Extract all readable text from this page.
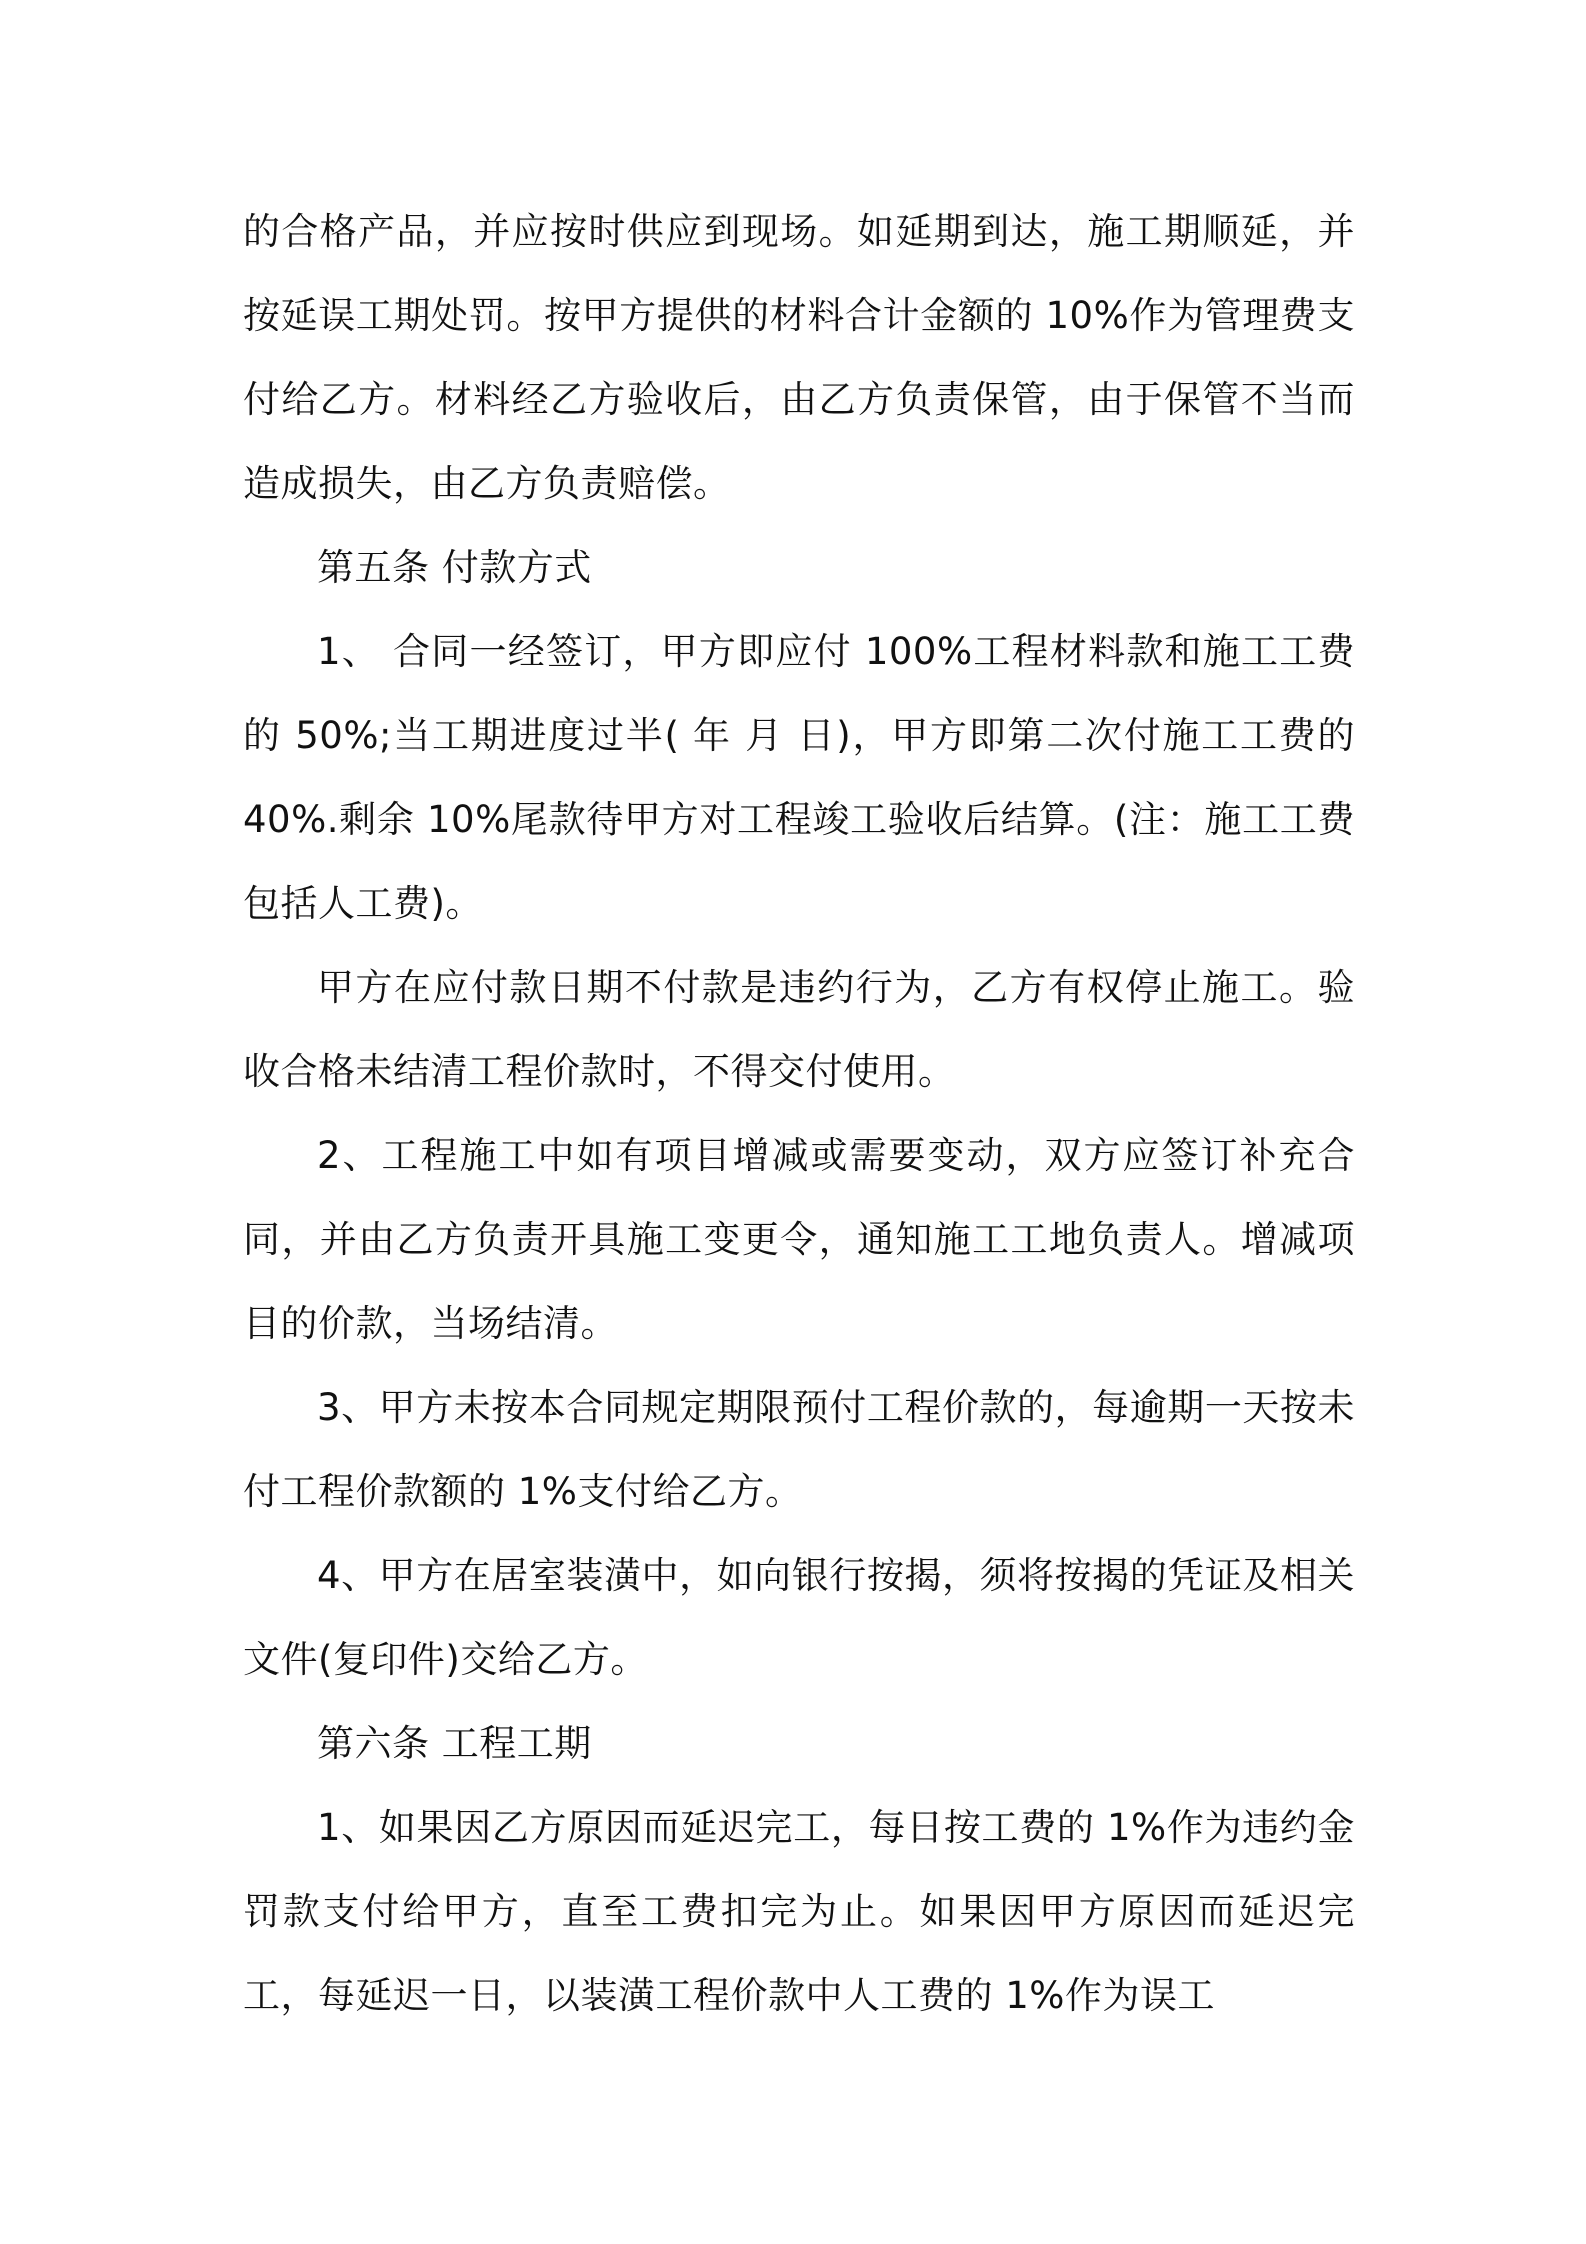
的合格产品，并应按时供应到现场。如延期到达，施工期顺延，并按延误工期处罚。按甲方提供的材料合计金额的 10%作为管理费支付给乙方。材料经乙方验收后，由乙方负责保管，由于保管不当而造成损失，由乙方负责赔偿。

第五条 付款方式

1、 合同一经签订，甲方即应付 100%工程材料款和施工工费的 50%;当工期进度过半( 年 月 日)，甲方即第二次付施工工费的 40%.剩余 10%尾款待甲方对工程竣工验收后结算。(注：施工工费包括人工费)。

甲方在应付款日期不付款是违约行为，乙方有权停止施工。验收合格未结清工程价款时，不得交付使用。

2、工程施工中如有项目增减或需要变动，双方应签订补充合同，并由乙方负责开具施工变更令，通知施工工地负责人。增减项目的价款，当场结清。

3、甲方未按本合同规定期限预付工程价款的，每逾期一天按未付工程价款额的 1%支付给乙方。

4、甲方在居室装潢中，如向银行按揭，须将按揭的凭证及相关文件(复印件)交给乙方。

第六条 工程工期

1、如果因乙方原因而延迟完工，每日按工费的 1%作为违约金罚款支付给甲方，直至工费扣完为止。如果因甲方原因而延迟完工，每延迟一日，以装潢工程价款中人工费的 1%作为误工
